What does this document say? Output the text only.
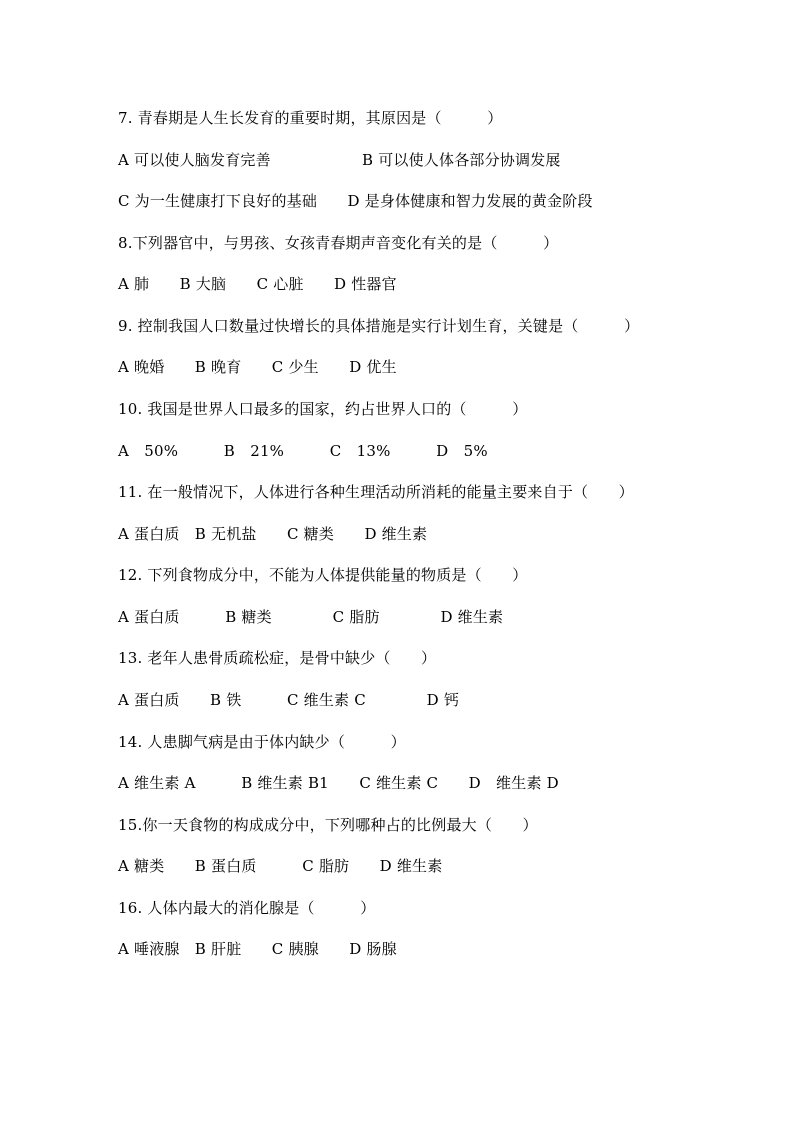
7. 青春期是人生长发育的重要时期，其原因是（　　　）
A 可以使人脑发育完善　　　　　　B 可以使人体各部分协调发展
C 为一生健康打下良好的基础　　D 是身体健康和智力发展的黄金阶段
8.下列器官中，与男孩、女孩青春期声音变化有关的是（　　　）
A 肺　　B 大脑　　C 心脏　　D 性器官
9. 控制我国人口数量过快增长的具体措施是实行计划生育，关键是（　　　）
A 晚婚　　B 晚育　　C 少生　　D 优生
10. 我国是世界人口最多的国家，约占世界人口的（　　　）
A　50%　　　B　21%　　　C　13%　　　D　5%
11. 在一般情况下，人体进行各种生理活动所消耗的能量主要来自于（　　）
A 蛋白质　B 无机盐　　C 糖类　　D 维生素
12. 下列食物成分中，不能为人体提供能量的物质是（　　）
A 蛋白质　　　B 糖类　　　　C 脂肪　　　　D 维生素
13. 老年人患骨质疏松症，是骨中缺少（　　）
A 蛋白质　　B 铁　　　C 维生素 C　　　　D 钙
14. 人患脚气病是由于体内缺少（　　　）
A 维生素 A　　　B 维生素 B1　　C 维生素 C　　D　维生素 D
15.你一天食物的构成成分中，下列哪种占的比例最大（　　）
A 糖类　　B 蛋白质　　　C 脂肪　　D 维生素
16. 人体内最大的消化腺是（　　　）
A 唾液腺　B 肝脏　　C 胰腺　　D 肠腺
